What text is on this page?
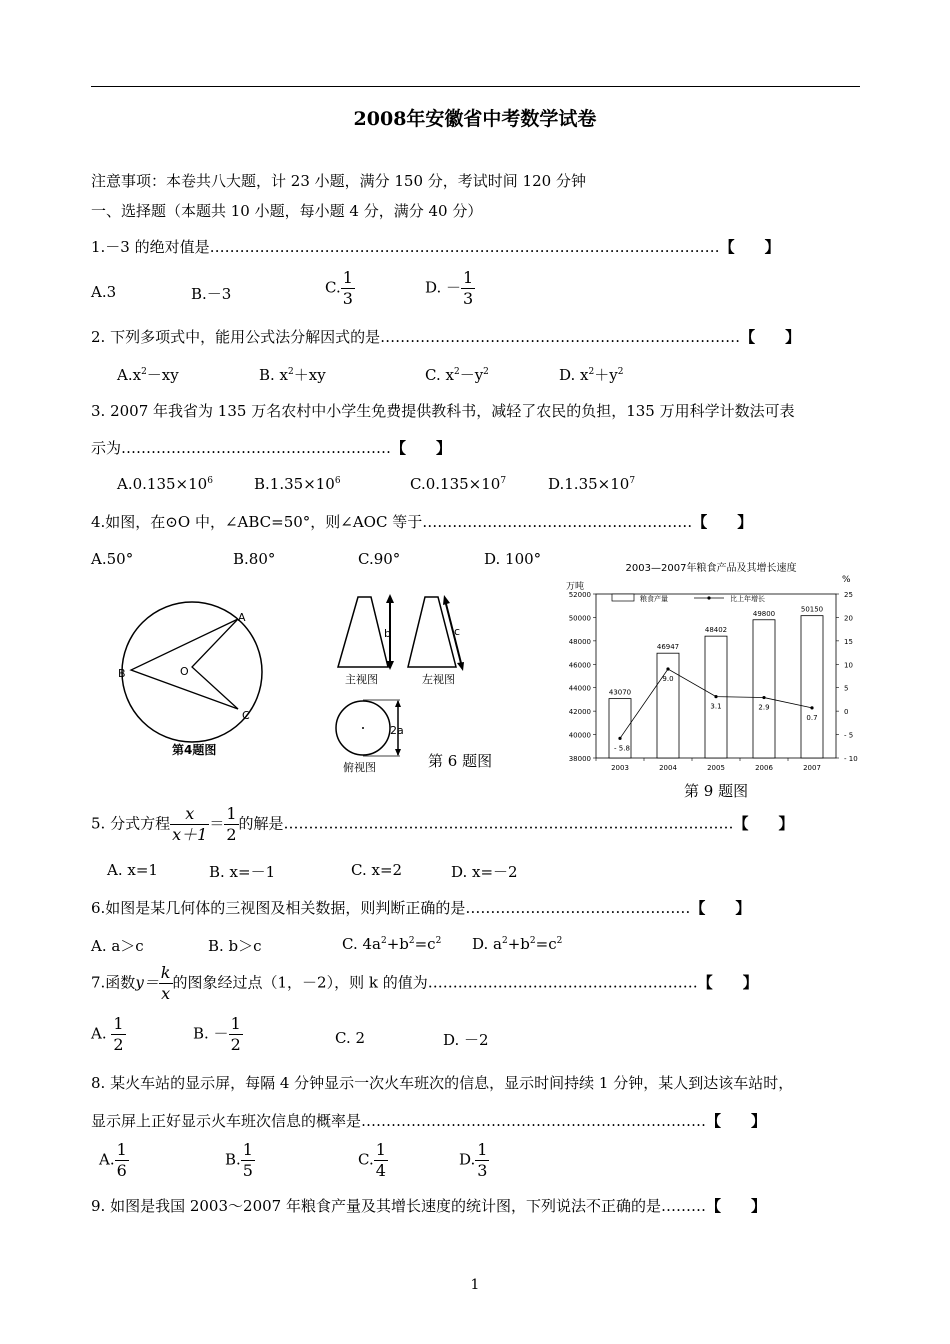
2008年安徽省中考数学试卷
注意事项：本卷共八大题，计 23 小题，满分 150 分，考试时间 120 分钟
一、选择题（本题共 10 小题，每小题 4 分，满分 40 分）
1.－3 的绝对值是…………………………………………………………………………………………【　　】
A.3	B.－3	C. $\frac{1}{3}$	D. － $\frac{1}{3}$
2. 下列多项式中，能用公式法分解因式的是………………………………………………………………【　　】
$A.x^2-xy$	B. $x^2+xy$	C. $x^2-y^2$	D. $x^2+y^2$
3. 2007 年我省为 135 万名农村中小学生免费提供教科书，减轻了农民的负担，135 万用科学计数法可表
示为………………………………………………【　　】
$A.0.135\times 10^6$	$B.1.35\times 10^6$	$C.0.135\times 10^7$	$D.1.35\times 10^7$
4.如图，在⊙O 中，∠ABC=50°，则∠AOC 等于………………………………………………【　　】
A.50°	B.80°	C.90°	D. 100°
A
B
C
O
第4题图
b
主视图
c
左视图
2a
俯视图	第 6 题图
2003—2007年粮食产品及其增长速度
万吨
%
52000
50000
48000
46000
44000
42000
40000
38000
25
20
15
10
5
0
- 5
- 10
43070
2003
46947
2004
48402
2005
49800
2006
50150
2007
- 5.8
9.0
3.1	2.9
0.7
粮食产量	比上年增长
第 9 题图
5. 分式方程 $\frac{x}{x+1} = \frac{1}{2}$ 的解是………………………………………………………………………………【　　】
A. x=1	B. x=－1	C. x=2	D. x=－2
6.如图是某几何体的三视图及相关数据，则判断正确的是………………………………………【　　】
A. a＞c	B. b＞c	C. $4a^2+b^2=c^2$ D. $a^2+b^2=c^2$
7.函数$y= \frac{k}{x}$ 的图象经过点（1，－2），则 k 的值为………………………………………………【　　】
A. $\frac{1}{2}$	B. － $\frac{1}{2}$	C. 2	D. －2
8. 某火车站的显示屏，每隔 4 分钟显示一次火车班次的信息，显示时间持续 1 分钟，某人到达该车站时，
显示屏上正好显示火车班次信息的概率是……………………………………………………………【　　】
A. $\frac{1}{6}$	B. $\frac{1}{5}$	C. $\frac{1}{4}$	D. $\frac{1}{3}$
9. 如图是我国 2003～2007 年粮食产量及其增长速度的统计图，下列说法不正确的是………【　　】
1
